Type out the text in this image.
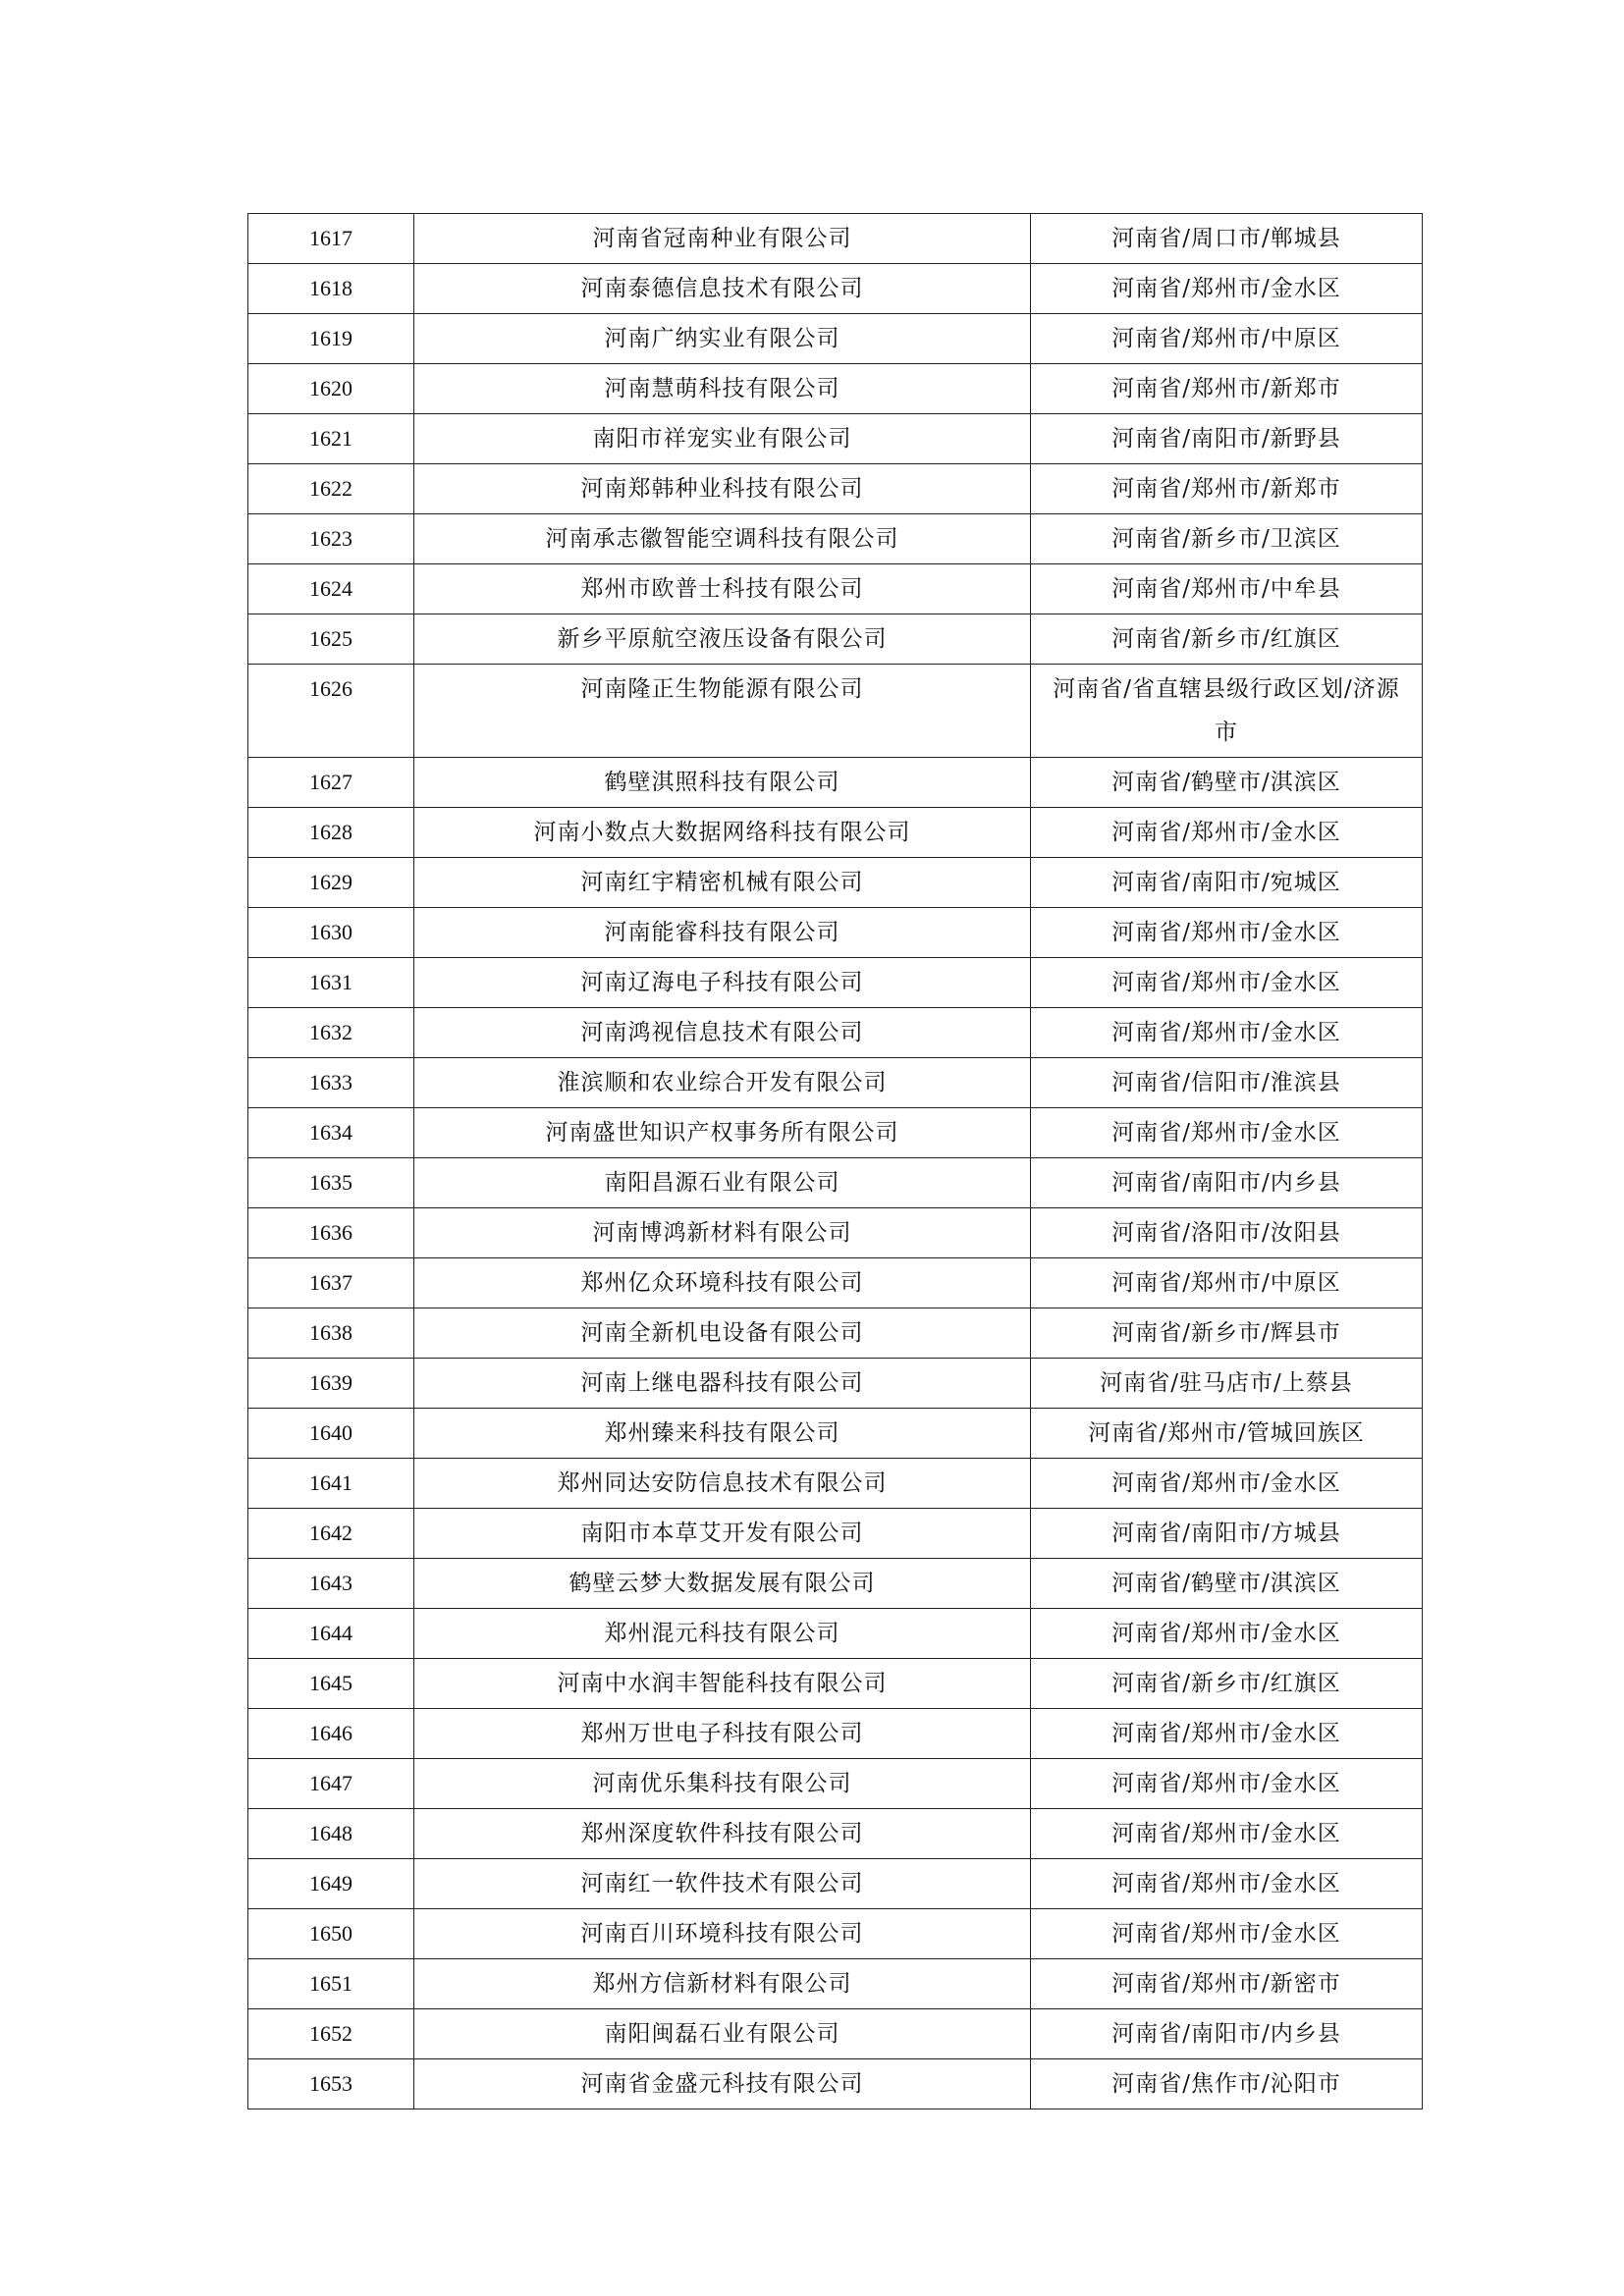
1617	河南省冠南种业有限公司	河南省/周口市/郸城县
1618	河南泰德信息技术有限公司	河南省/郑州市/金水区
1619	河南广纳实业有限公司	河南省/郑州市/中原区
1620	河南慧萌科技有限公司	河南省/郑州市/新郑市
1621	南阳市祥宠实业有限公司	河南省/南阳市/新野县
1622	河南郑韩种业科技有限公司	河南省/郑州市/新郑市
1623	河南承志徽智能空调科技有限公司	河南省/新乡市/卫滨区
1624	郑州市欧普士科技有限公司	河南省/郑州市/中牟县
1625	新乡平原航空液压设备有限公司	河南省/新乡市/红旗区
1626	河南隆正生物能源有限公司	河南省/省直辖县级行政区划/济源市
1627	鹤壁淇照科技有限公司	河南省/鹤壁市/淇滨区
1628	河南小数点大数据网络科技有限公司	河南省/郑州市/金水区
1629	河南红宇精密机械有限公司	河南省/南阳市/宛城区
1630	河南能睿科技有限公司	河南省/郑州市/金水区
1631	河南辽海电子科技有限公司	河南省/郑州市/金水区
1632	河南鸿视信息技术有限公司	河南省/郑州市/金水区
1633	淮滨顺和农业综合开发有限公司	河南省/信阳市/淮滨县
1634	河南盛世知识产权事务所有限公司	河南省/郑州市/金水区
1635	南阳昌源石业有限公司	河南省/南阳市/内乡县
1636	河南博鸿新材料有限公司	河南省/洛阳市/汝阳县
1637	郑州亿众环境科技有限公司	河南省/郑州市/中原区
1638	河南全新机电设备有限公司	河南省/新乡市/辉县市
1639	河南上继电器科技有限公司	河南省/驻马店市/上蔡县
1640	郑州臻来科技有限公司	河南省/郑州市/管城回族区
1641	郑州同达安防信息技术有限公司	河南省/郑州市/金水区
1642	南阳市本草艾开发有限公司	河南省/南阳市/方城县
1643	鹤壁云梦大数据发展有限公司	河南省/鹤壁市/淇滨区
1644	郑州混元科技有限公司	河南省/郑州市/金水区
1645	河南中水润丰智能科技有限公司	河南省/新乡市/红旗区
1646	郑州万世电子科技有限公司	河南省/郑州市/金水区
1647	河南优乐集科技有限公司	河南省/郑州市/金水区
1648	郑州深度软件科技有限公司	河南省/郑州市/金水区
1649	河南红一软件技术有限公司	河南省/郑州市/金水区
1650	河南百川环境科技有限公司	河南省/郑州市/金水区
1651	郑州方信新材料有限公司	河南省/郑州市/新密市
1652	南阳闽磊石业有限公司	河南省/南阳市/内乡县
1653	河南省金盛元科技有限公司	河南省/焦作市/沁阳市
